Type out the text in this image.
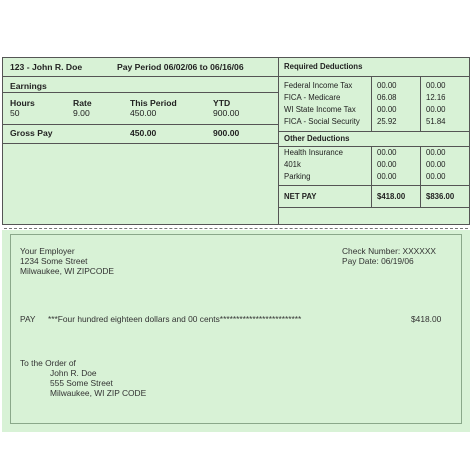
123 - John R. Doe	Pay Period 06/02/06 to 06/16/06	Required Deductions
Earnings
Hours	Rate	This Period	YTD
50	9.00	450.00	900.00
Gross Pay	450.00	900.00
Federal Income Tax	00.00	00.00
FICA - Medicare	06.08	12.16
WI State Income Tax	00.00	00.00
FICA - Social Security 25.92	51.84
Other Deductions
Health Insurance	00.00	00.00
401k	00.00	00.00
Parking	00.00	00.00
NET PAY	$418.00	$836.00
Your Employer
1234 Some Street
Milwaukee, WI ZIPCODE
Check Number: XXXXXX
Pay Date: 06/19/06
PAY ***Four hundred eighteen dollars and 00 cents*************************	$418.00
To the Order of
John R. Doe
555 Some Street
Milwaukee, WI ZIP CODE
